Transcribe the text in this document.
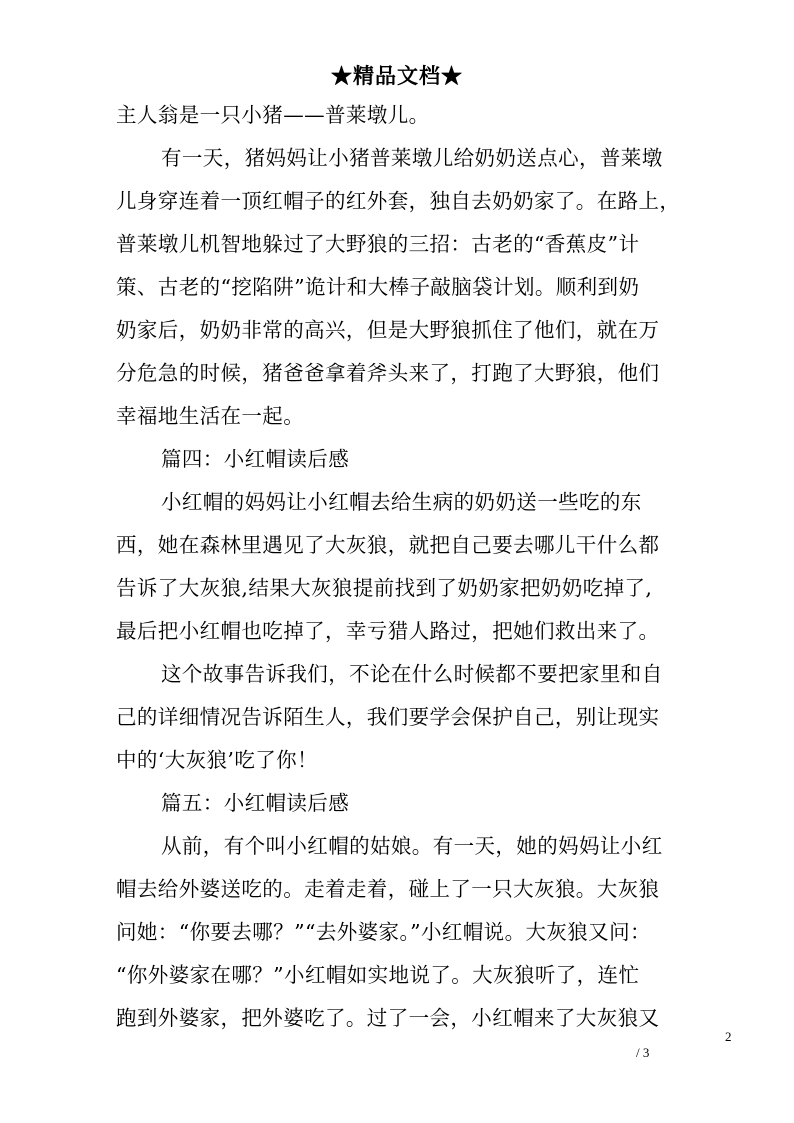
★精品文档★
主人翁是一只小猪——普莱墩儿。
有一天，猪妈妈让小猪普莱墩儿给奶奶送点心，普莱墩
儿身穿连着一顶红帽子的红外套，独自去奶奶家了。在路上，
普莱墩儿机智地躲过了大野狼的三招：古老的“香蕉皮”计
策、古老的“挖陷阱”诡计和大棒子敲脑袋计划。顺利到奶
奶家后，奶奶非常的高兴，但是大野狼抓住了他们，就在万
分危急的时候，猪爸爸拿着斧头来了，打跑了大野狼，他们
幸福地生活在一起。
篇四：小红帽读后感
小红帽的妈妈让小红帽去给生病的奶奶送一些吃的东
西，她在森林里遇见了大灰狼，就把自己要去哪儿干什么都
告诉了大灰狼,结果大灰狼提前找到了奶奶家把奶奶吃掉了,
最后把小红帽也吃掉了，幸亏猎人路过，把她们救出来了。
这个故事告诉我们，不论在什么时候都不要把家里和自
己的详细情况告诉陌生人，我们要学会保护自己，别让现实
中的‘大灰狼’吃了你！
篇五：小红帽读后感
从前，有个叫小红帽的姑娘。有一天，她的妈妈让小红
帽去给外婆送吃的。走着走着，碰上了一只大灰狼。大灰狼
问她：“你要去哪？”“去外婆家。”小红帽说。大灰狼又问：
“你外婆家在哪？”小红帽如实地说了。大灰狼听了，连忙
跑到外婆家，把外婆吃了。过了一会，小红帽来了大灰狼又
2
/ 3
